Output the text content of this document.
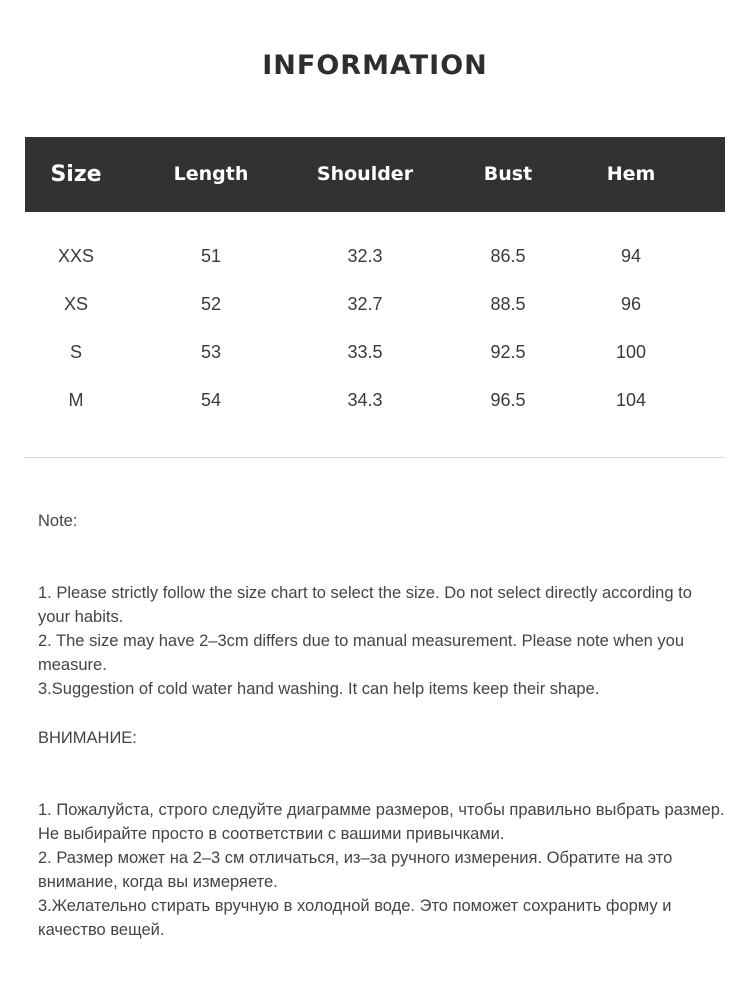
INFORMATION
Size	Length	Shoulder	Bust	Hem
XXS	51	32.3	86.5	94
XS	52	32.7	88.5	96
S	53	33.5	92.5	100
M	54	34.3	96.5	104

Note:

1. Please strictly follow the size chart to select the size. Do not select directly according to your habits.

2. The size may have 2–3cm differs due to manual measurement. Please note when you measure.

3.Suggestion of cold water hand washing. It can help items keep their shape.

ВНИМАНИЕ:

1. Пожалуйста, строго следуйте диаграмме размеров, чтобы правильно выбрать размер. Не выбирайте просто в соответствии с вашими привычками.

2. Размер может на 2–3 см отличаться, из–за ручного измерения. Обратите на это внимание, когда вы измеряете.

3.Желательно стирать вручную в холодной воде. Это поможет сохранить форму и качество вещей.
